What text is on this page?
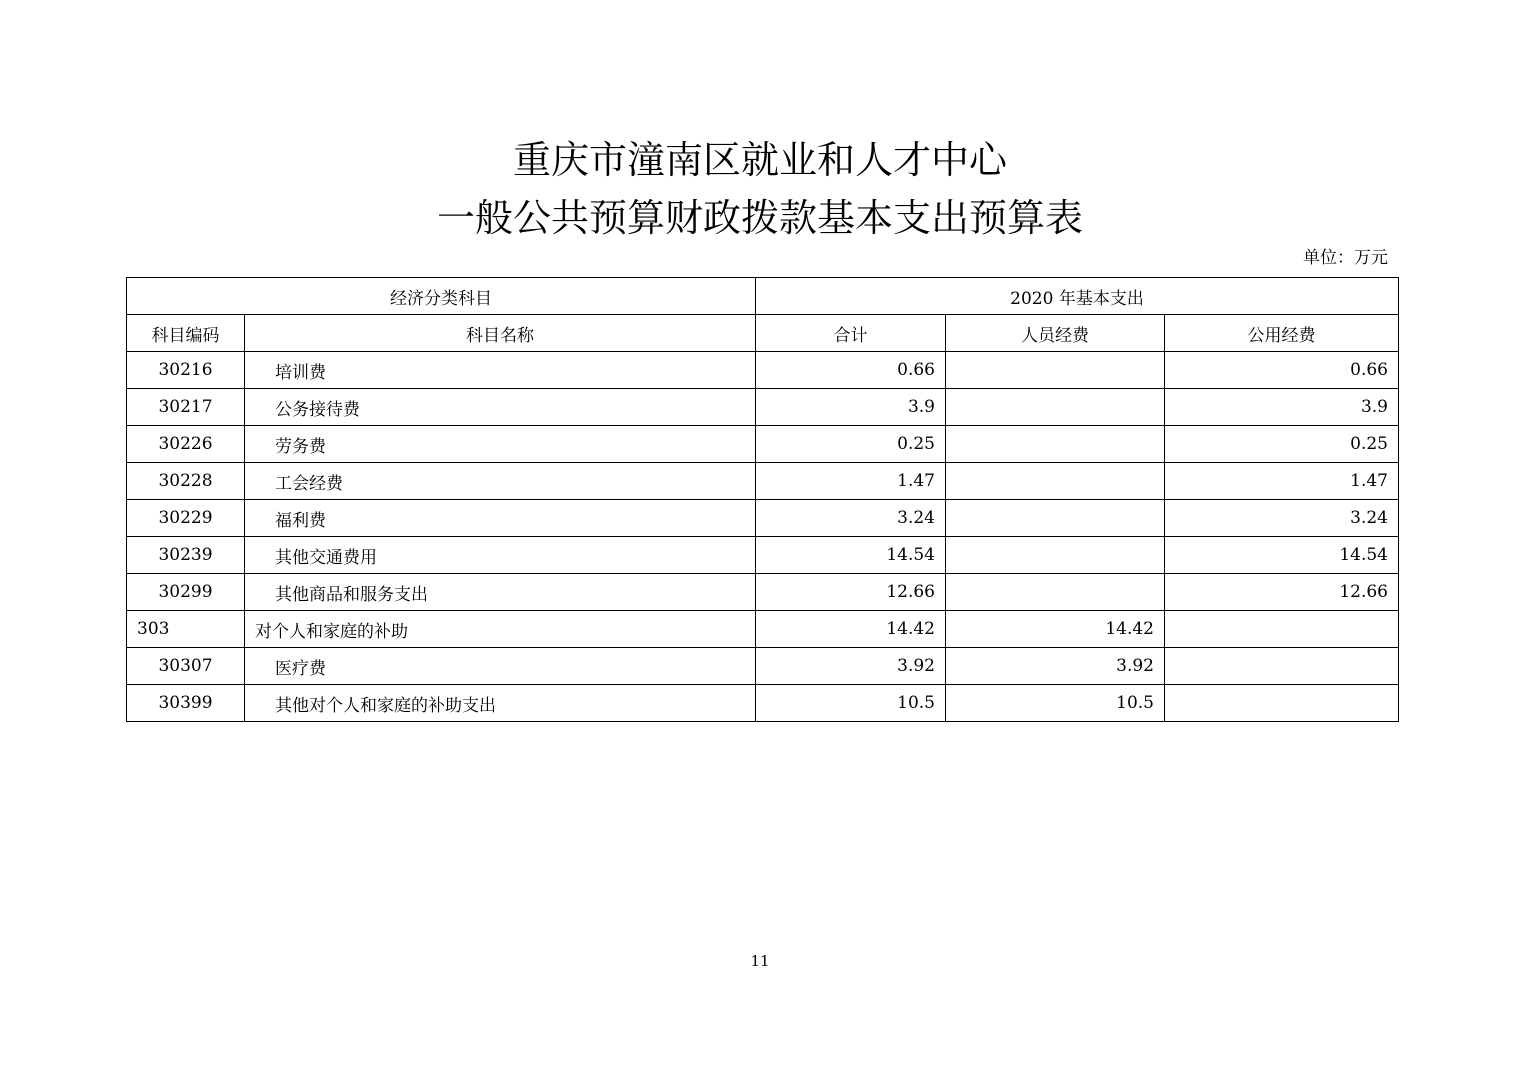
重庆市潼南区就业和人才中心
一般公共预算财政拨款基本支出预算表
单位：万元
经济分类科目		2020 年基本支出		
科目编码	科目名称	合计	人员经费	公用经费
30216	培训费	0.66		0.66
30217	公务接待费	3.9		3.9
30226	劳务费	0.25		0.25
30228	工会经费	1.47		1.47
30229	福利费	3.24		3.24
30239	其他交通费用	14.54		14.54
30299	其他商品和服务支出	12.66		12.66
303	对个人和家庭的补助	14.42	14.42	
30307	医疗费	3.92	3.92	
30399	其他对个人和家庭的补助支出	10.5	10.5	
11
